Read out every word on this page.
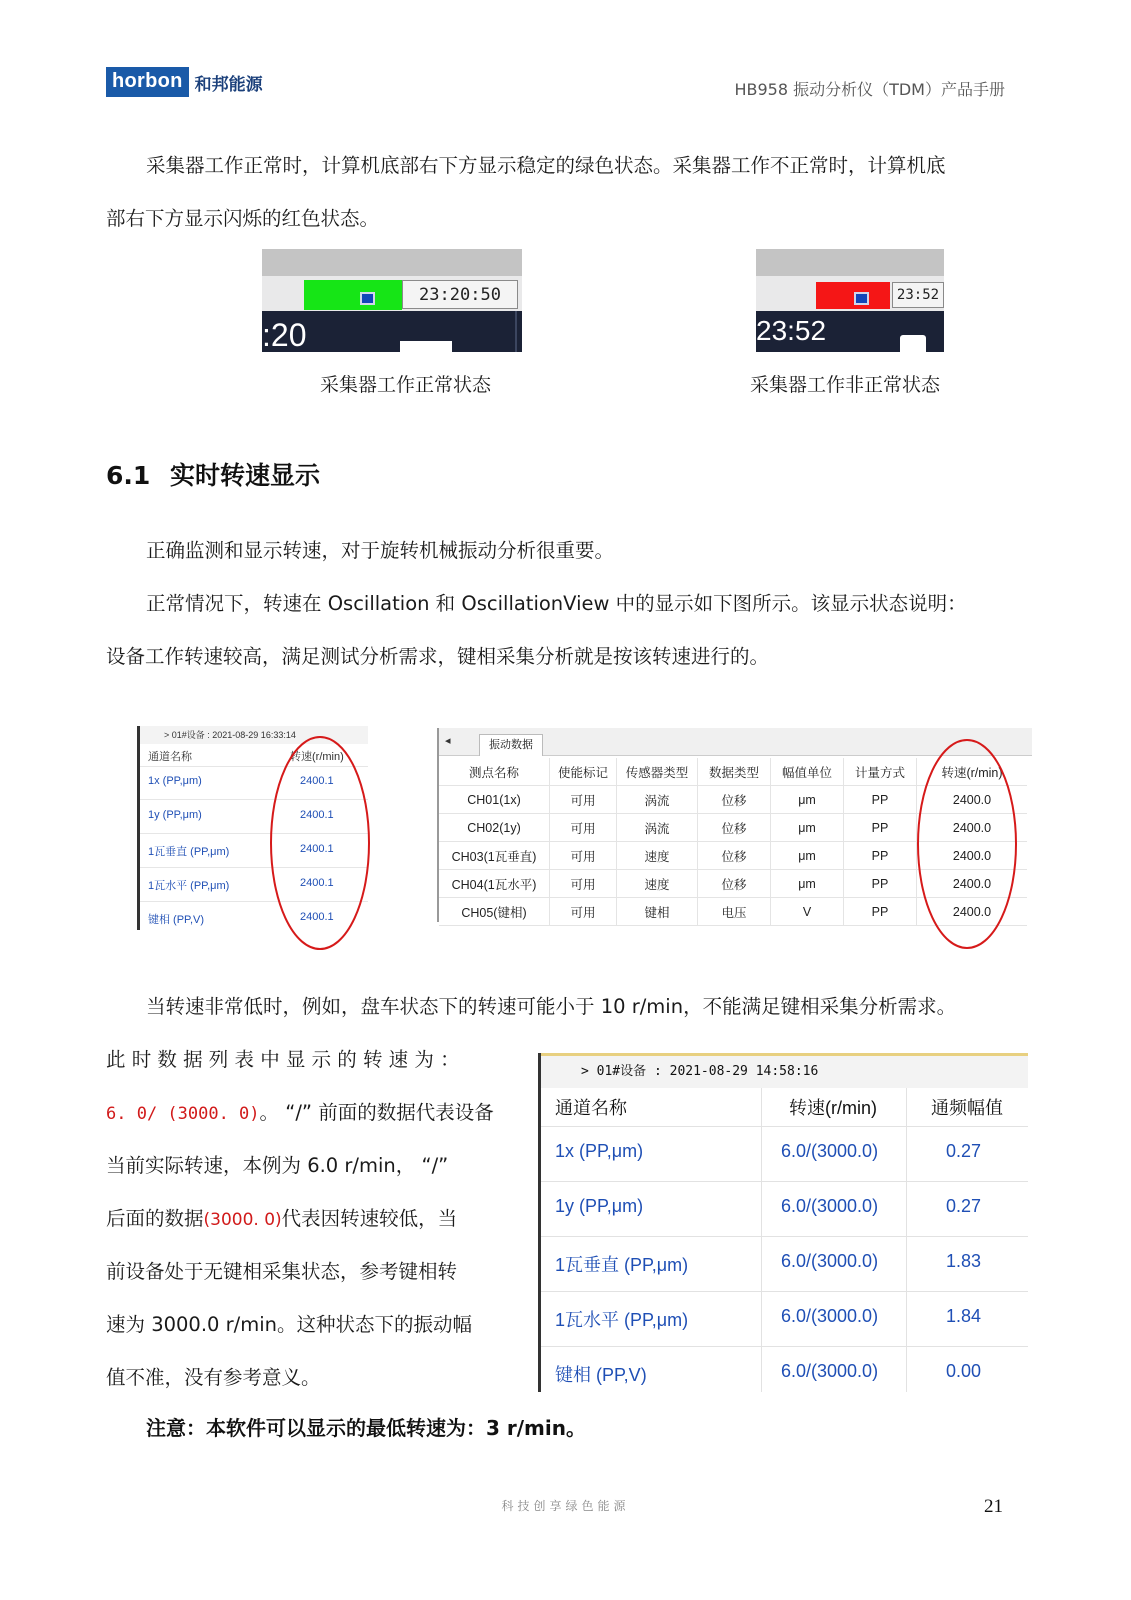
horbon 和邦能源	HB958 振动分析仪（TDM）产品手册
采集器工作正常时，计算机底部右下方显示稳定的绿色状态。采集器工作不正常时，计算机底
部右下方显示闪烁的红色状态。
23:20:50
:20
采集器工作正常状态
23:52
23:52
采集器工作非正常状态
6.1 实时转速显示
正确监测和显示转速，对于旋转机械振动分析很重要。
正常情况下，转速在 Oscillation 和 OscillationView 中的显示如下图所示。该显示状态说明：
设备工作转速较高，满足测试分析需求，键相采集分析就是按该转速进行的。
> 01#设备 : 2021-08-29 16:33:14
通道名称	转速(r/min)
1x (PP,μm)	2400.1
1y (PP,μm)	2400.1
1瓦垂直 (PP,μm)	2400.1
1瓦水平 (PP,μm)	2400.1
键相 (PP,V)	2400.1
◂	振动数据
测点名称	使能标记	传感器类型	数据类型	幅值单位	计量方式	转速(r/min)
CH01(1x)	可用	涡流	位移	μm	PP	2400.0
CH02(1y)	可用	涡流	位移	μm	PP	2400.0
CH03(1瓦垂直)	可用	速度	位移	μm	PP	2400.0
CH04(1瓦水平)	可用	速度	位移	μm	PP	2400.0
CH05(键相)	可用	键相	电压	V	PP	2400.0
当转速非常低时，例如，盘车状态下的转速可能小于 10 r/min，不能满足键相采集分析需求。
此 时 数 据 列 表 中 显 示 的 转 速 为 ：
6. 0/ (3000. 0)。 “/” 前面的数据代表设备
当前实际转速，本例为 6.0 r/min， “/”
后面的数据(3000. 0)代表因转速较低，当
前设备处于无键相采集状态，参考键相转
速为 3000.0 r/min。这种状态下的振动幅
值不准，没有参考意义。
> 01#设备 : 2021-08-29 14:58:16
通道名称	转速(r/min)	通频幅值
1x (PP,μm)	6.0/(3000.0)	0.27
1y (PP,μm)	6.0/(3000.0)	0.27
1瓦垂直 (PP,μm)	6.0/(3000.0)	1.83
1瓦水平 (PP,μm)	6.0/(3000.0)	1.84
键相 (PP,V)	6.0/(3000.0)	0.00
注意：本软件可以显示的最低转速为：3 r/min。
科技创享绿色能源	21
